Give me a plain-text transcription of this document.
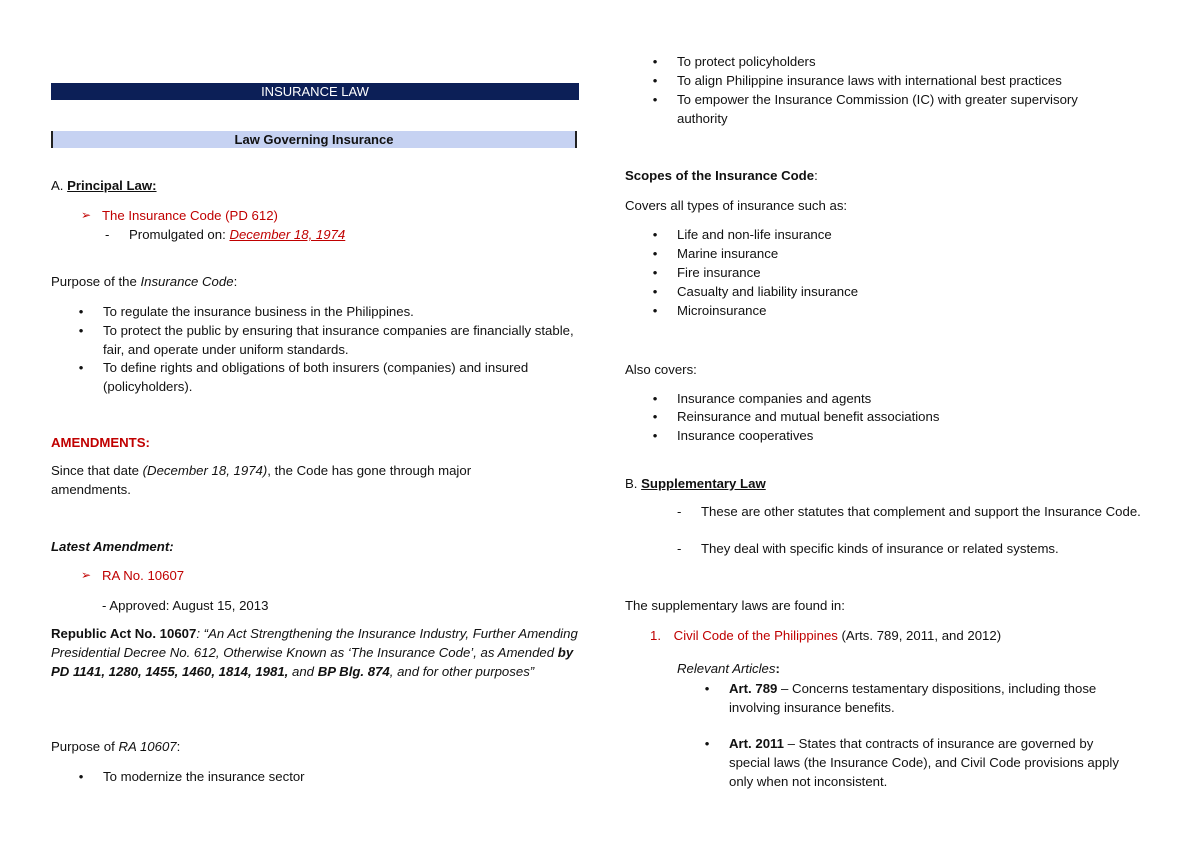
INSURANCE LAW
Law Governing Insurance
A. Principal Law:
➢ The Insurance Code (PD 612)
- Promulgated on: December 18, 1974
Purpose of the Insurance Code:
•	To regulate the insurance business in the Philippines.
•	To protect the public by ensuring that insurance companies are financially stable, fair, and operate under uniform standards.
•	To define rights and obligations of both insurers (companies) and insured (policyholders).
AMENDMENTS:
Since that date (December 18, 1974), the Code has gone through major amendments.
Latest Amendment:
➢ RA No. 10607
- Approved: August 15, 2013
Republic Act No. 10607: “An Act Strengthening the Insurance Industry, Further Amending Presidential Decree No. 612, Otherwise Known as ‘The Insurance Code’, as Amended by PD 1141, 1280, 1455, 1460, 1814, 1981, and BP Blg. 874, and for other purposes”
Purpose of RA 10607:
•	To modernize the insurance sector
•	To protect policyholders
•	To align Philippine insurance laws with international best practices
•	To empower the Insurance Commission (IC) with greater supervisory authority
Scopes of the Insurance Code:
Covers all types of insurance such as:
•	Life and non-life insurance
•	Marine insurance
•	Fire insurance
•	Casualty and liability insurance
•	Microinsurance
Also covers:
•	Insurance companies and agents
•	Reinsurance and mutual benefit associations
•	Insurance cooperatives
B. Supplementary Law
-	These are other statutes that complement and support the Insurance Code.
-	They deal with specific kinds of insurance or related systems.
The supplementary laws are found in:
1. Civil Code of the Philippines (Arts. 789, 2011, and 2012)
Relevant Articles:
•	Art. 789 – Concerns testamentary dispositions, including those involving insurance benefits.
•	Art. 2011 – States that contracts of insurance are governed by special laws (the Insurance Code), and Civil Code provisions apply only when not inconsistent.
